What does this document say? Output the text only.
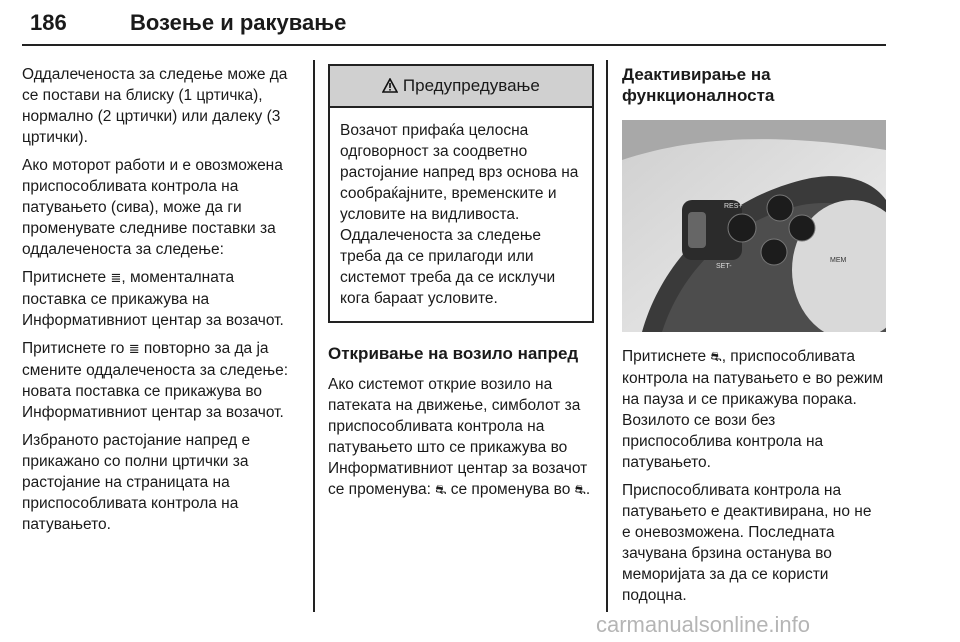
186	Возење и ракување

Оддалеченоста за следење може да се постави на блиску (1 цртичка), нормално (2 цртички) или далеку (3 цртички).

Ако моторот работи и е овозможена приспособливата контрола на патувањето (сива), може да ги променувате следниве поставки за оддалеченоста за следење:

Притиснете ≣, моменталната поставка се прикажува на Информативниот центар за возачот.

Притиснете го ≣ повторно за да ја смените оддалеченоста за следење: новата поставка се прикажува во Информативниот центар за возачот.

Избраното растојание напред е прикажано со полни цртички за растојание на страницата на приспособливата контрола на патувањето.

Предупредување
Возачот прифаќа целосна одговорност за соодветно растојание напред врз основа на сообраќајните, временските и условите на видливоста. Оддалеченоста за следење треба да се прилагоди или системот треба да се исклучи кога бараат условите.
Откривање на возило напред

Ако системот открие возило на патеката на движење, симболот за приспособливата контрола на патувањето што се прикажува во Информативниот центар за возачот се променува: ⛐ се променува во ⛐.

Деактивирање на функционалноста
RES+
SET-
MEM

Притиснете ⛐, приспособливата контрола на патувањето е во режим на пауза и се прикажува порака. Возилото се вози без приспособлива контрола на патувањето.

Приспособливата контрола на патувањето е деактивирана, но не е оневозможена. Последната зачувана брзина останува во меморијата за да се користи подоцна.

carmanualsonline.info
